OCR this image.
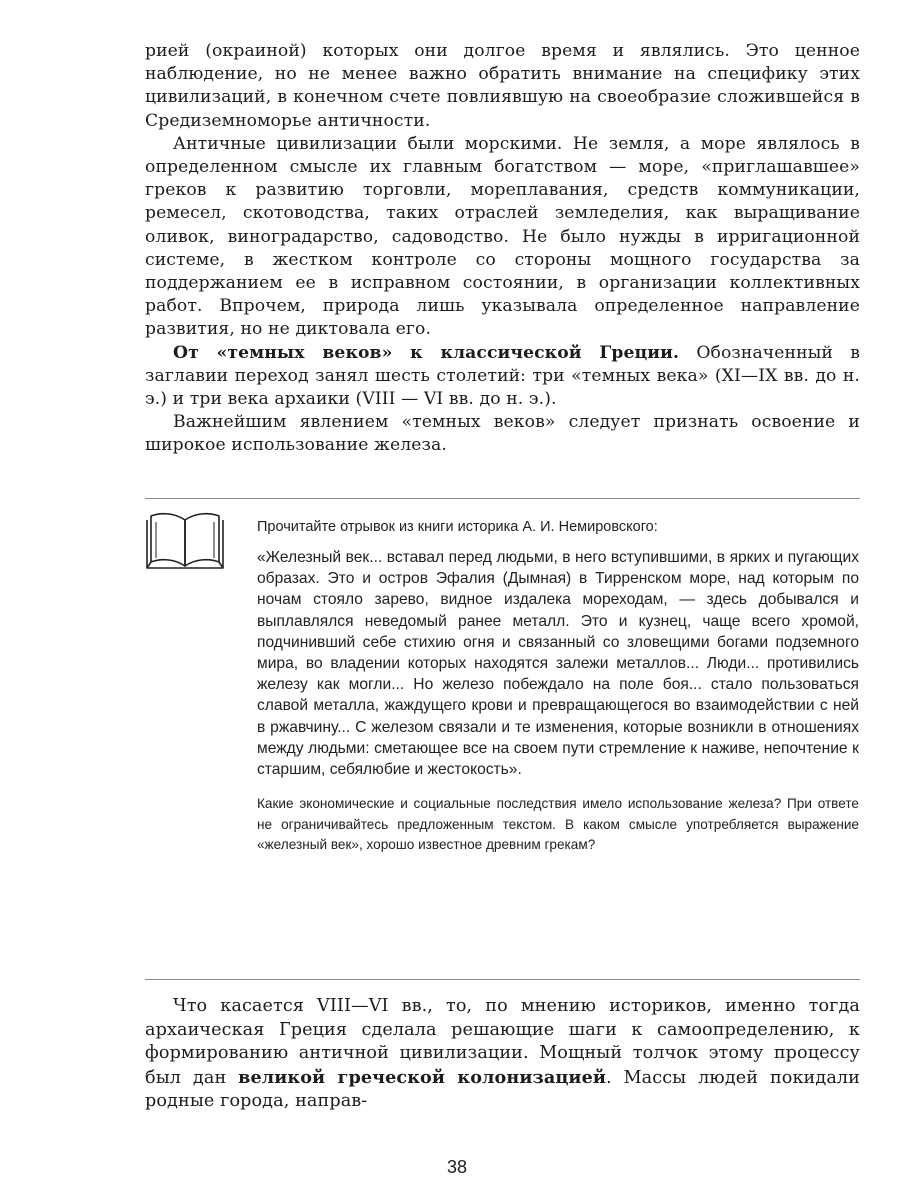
рией (окраиной) которых они долгое время и являлись. Это ценное наблюдение, но не менее важно обратить внимание на специфику этих цивилизаций, в конечном счете повлиявшую на своеобразие сложившейся в Средиземноморье античности.

Античные цивилизации были морскими. Не земля, а море являлось в определенном смысле их главным богатством — море, «приглашавшее» греков к развитию торговли, мореплавания, средств коммуникации, ремесел, скотоводства, таких отраслей земледелия, как выращивание оливок, виноградарство, садоводство. Не было нужды в ирригационной системе, в жестком контроле со стороны мощного государства за поддержанием ее в исправном состоянии, в организации коллективных работ. Впрочем, природа лишь указывала определенное направление развития, но не диктовала его.

От «темных веков» к классической Греции. Обозначенный в заглавии переход занял шесть столетий: три «темных века» (XI—IX вв. до н. э.) и три века архаики (VIII — VI вв. до н. э.).

Важнейшим явлением «темных веков» следует признать освоение и широкое использование железа.

Прочитайте отрывок из книги историка А. И. Немировского:

«Железный век... вставал перед людьми, в него вступившими, в ярких и пугающих образах. Это и остров Эфалия (Дымная) в Тирренском море, над которым по ночам стояло зарево, видное издалека мореходам, — здесь добывался и выплавлялся неведомый ранее металл. Это и кузнец, чаще всего хромой, подчинивший себе стихию огня и связанный со зловещими богами подземного мира, во владении которых находятся залежи металлов... Люди... противились железу как могли... Но железо побеждало на поле боя... стало пользоваться славой металла, жаждущего крови и превращающегося во взаимодействии с ней в ржавчину... С железом связали и те изменения, которые возникли в отношениях между людьми: сметающее все на своем пути стремление к наживе, непочтение к старшим, себялюбие и жестокость».

Какие экономические и социальные последствия имело использование железа? При ответе не ограничивайтесь предложенным текстом. В каком смысле употребляется выражение «железный век», хорошо известное древним грекам?

Что касается VIII—VI вв., то, по мнению историков, именно тогда архаическая Греция сделала решающие шаги к самоопределению, к формированию античной цивилизации. Мощный толчок этому процессу был дан великой греческой колонизацией. Массы людей покидали родные города, направ-

38
